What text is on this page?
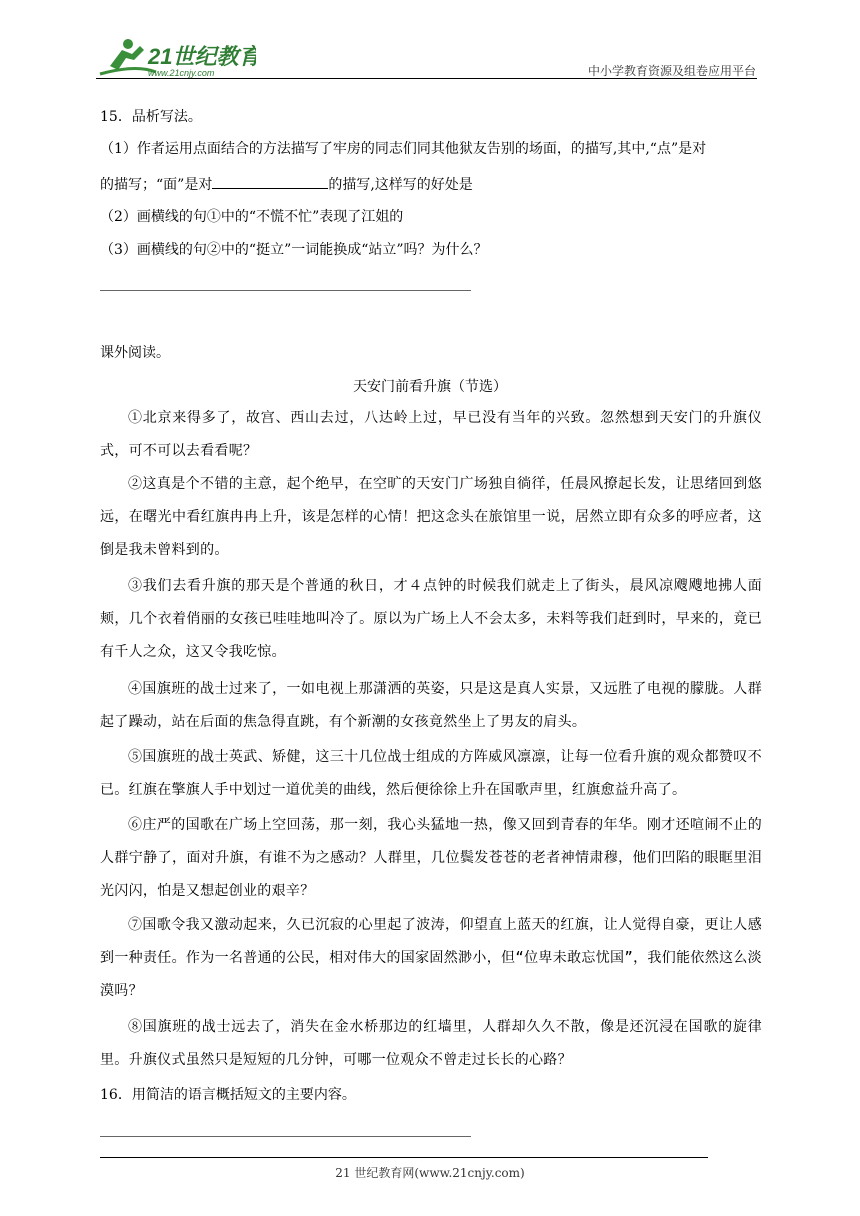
21世纪教育
www.21cnjy.com	中小学教育资源及组卷应用平台
15．品析写法。
（1）作者运用点面结合的方法描写了牢房的同志们同其他狱友告别的场面，的描写,其中,“点”是对
的描写；“面”是对	的描写,这样写的好处是
（2）画横线的句①中的“不慌不忙”表现了江姐的
（3）画横线的句②中的“挺立”一词能换成“站立”吗？为什么？
课外阅读。
天安门前看升旗（节选）
①北京来得多了，故宫、西山去过，八达岭上过，早已没有当年的兴致。忽然想到天安门的升旗仪式，可不可以去看看呢？
②这真是个不错的主意，起个绝早，在空旷的天安门广场独自徜徉，任晨风撩起长发，让思绪回到悠远，在曙光中看红旗冉冉上升，该是怎样的心情！把这念头在旅馆里一说，居然立即有众多的呼应者，这倒是我未曾料到的。
③我们去看升旗的那天是个普通的秋日，才４点钟的时候我们就走上了街头，晨风凉飕飕地拂人面颊，几个衣着俏丽的女孩已哇哇地叫冷了。原以为广场上人不会太多，未料等我们赶到时，早来的，竟已有千人之众，这又令我吃惊。
④国旗班的战士过来了，一如电视上那潇洒的英姿，只是这是真人实景，又远胜了电视的朦胧。人群起了躁动，站在后面的焦急得直跳，有个新潮的女孩竟然坐上了男友的肩头。
⑤国旗班的战士英武、矫健，这三十几位战士组成的方阵威风凛凛，让每一位看升旗的观众都赞叹不已。红旗在擎旗人手中划过一道优美的曲线，然后便徐徐上升在国歌声里，红旗愈益升高了。
⑥庄严的国歌在广场上空回荡，那一刻，我心头猛地一热，像又回到青春的年华。刚才还喧闹不止的人群宁静了，面对升旗，有谁不为之感动？人群里，几位鬓发苍苍的老者神情肃穆，他们凹陷的眼眶里泪光闪闪，怕是又想起创业的艰辛？
⑦国歌令我又激动起来，久已沉寂的心里起了波涛，仰望直上蓝天的红旗，让人觉得自豪，更让人感到一种责任。作为一名普通的公民，相对伟大的国家固然渺小，但“位卑未敢忘忧国”，我们能依然这么淡漠吗？
⑧国旗班的战士远去了，消失在金水桥那边的红墙里，人群却久久不散，像是还沉浸在国歌的旋律里。升旗仪式虽然只是短短的几分钟，可哪一位观众不曾走过长长的心路？
16．用简洁的语言概括短文的主要内容。
21 世纪教育网(www.21cnjy.com)
